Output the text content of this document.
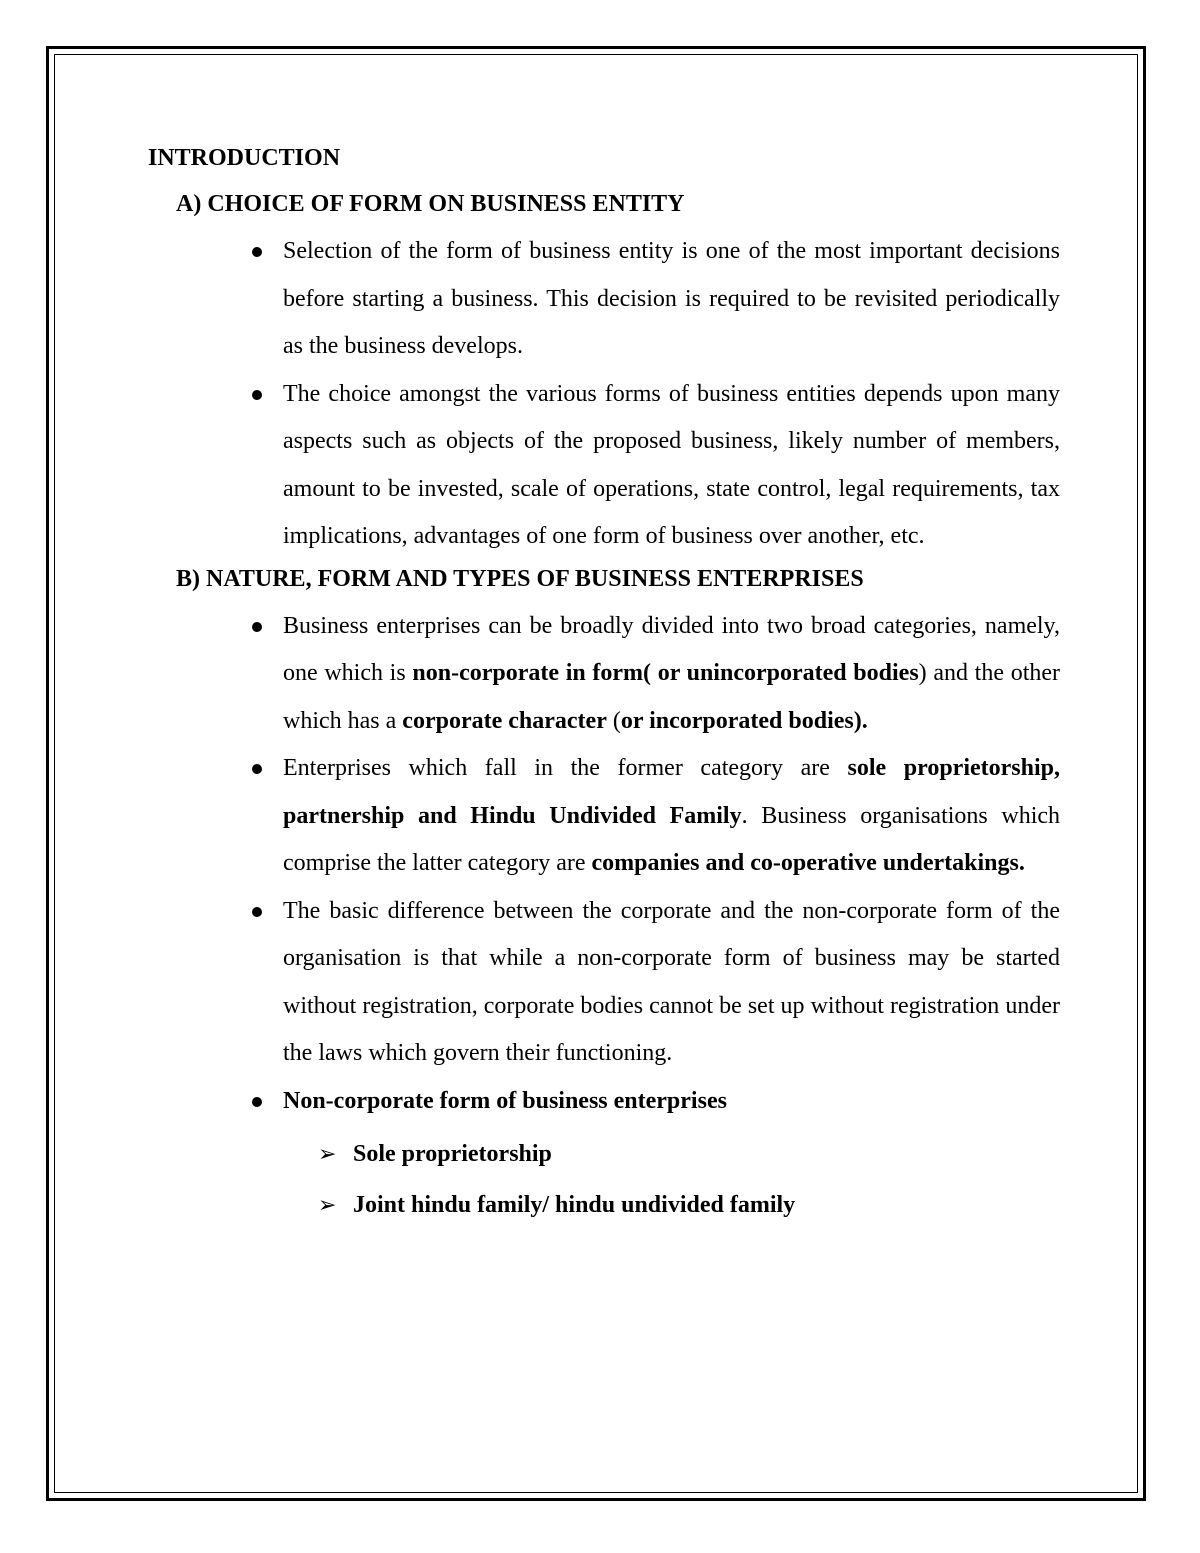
INTRODUCTION
A) CHOICE OF FORM ON BUSINESS ENTITY
Selection of the form of business entity is one of the most important decisions before starting a business. This decision is required to be revisited periodically as the business develops.
The choice amongst the various forms of business entities depends upon many aspects such as objects of the proposed business, likely number of members, amount to be invested, scale of operations, state control, legal requirements, tax implications, advantages of one form of business over another, etc.
B) NATURE, FORM AND TYPES OF BUSINESS ENTERPRISES
Business enterprises can be broadly divided into two broad categories, namely, one which is non-corporate in form( or unincorporated bodies) and the other which has a corporate character (or incorporated bodies).
Enterprises which fall in the former category are sole proprietorship, partnership and Hindu Undivided Family. Business organisations which comprise the latter category are companies and co-operative undertakings.
The basic difference between the corporate and the non-corporate form of the organisation is that while a non-corporate form of business may be started without registration, corporate bodies cannot be set up without registration under the laws which govern their functioning.
Non-corporate form of business enterprises
➢ Sole proprietorship
➢ Joint hindu family/ hindu undivided family
